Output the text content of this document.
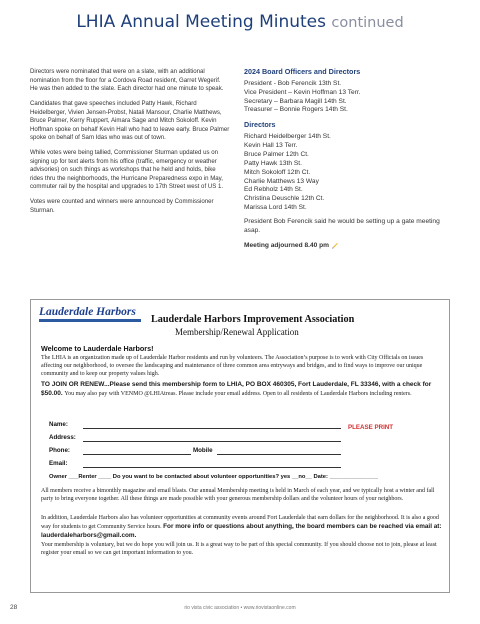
LHIA Annual Meeting Minutes continued

Directors were nominated that were on a slate, with an additional nomination from the floor for a Cordova Road resident, Garret Wegerif. He was then added to the slate. Each director had one minute to speak.

Candidates that gave speeches included Patty Hawk, Richard Heidelberger, Vivien Jensen-Probst, Natali Mansour, Charlie Matthews, Bruce Palmer, Kerry Ruppert, Aimara Sage and Mitch Sokoloff. Kevin Hoffman spoke on behalf Kevin Hall who had to leave early. Bruce Palmer spoke on behalf of Sam Idas who was out of town.

While votes were being tallied, Commissioner Sturman updated us on signing up for text alerts from his office (traffic, emergency or weather advisories) on such things as workshops that he held and holds, bike rides thru the neighborhoods, the Hurricane Preparedness expo in May, commuter rail by the hospital and upgrades to 17th Street west of US 1.

Votes were counted and winners were announced by Commissioner Sturman.

2024 Board Officers and Directors
President - Bob Ferencik 13th St.
Vice President – Kevin Hoffman 13 Terr.
Secretary – Barbara Magill 14th St.
Treasurer – Bonnie Rogers 14th St.
Directors
Richard Heidelberger 14th St.
Kevin Hall 13 Terr.
Bruce Palmer 12th Ct.
Patty Hawk 13th St.
Mitch Sokoloff 12th Ct.
Charlie Matthews 13 Way
Ed Rebholz 14th St.
Christina Deuschle 12th Ct.
Marissa Lord 14th St.

President Bob Ferencik said he would be setting up a gate meeting asap.

Meeting adjourned 8.40 pm

Lauderdale Harbors
Lauderdale Harbors Improvement Association
Membership/Renewal Application
Welcome to Lauderdale Harbors!

The LHIA is an organization made up of Lauderdale Harbor residents and run by volunteers. The Association’s purpose is to work with City Officials on issues affecting our neighborhood, to oversee the landscaping and maintenance of three common area entryways and bridges, and to find ways to improve our unique community and to keep our property values high.

TO JOIN OR RENEW...Please send this membership form to LHIA, PO BOX 460305, Fort Lauderdale, FL 33346, with a check for $50.00. You may also pay with VENMO @LHIAtreas. Please include your email address. Open to all residents of Lauderdale Harbors including renters.

Name:	PLEASE PRINT
Address:
Phone:	Mobile
Email:
Owner ___Renter ____ Do you want to be contacted about volunteer opportunities? yes __no__ Date: _______________

All members receive a bimonthly magazine and email blasts. Our annual Membership meeting is held in March of each year, and we typically host a winter and fall party to bring everyone together. All these things are made possible with your generous membership dollars and the volunteer hours of your neighbors.

In addition, Lauderdale Harbors also has volunteer opportunities at community events around Fort Lauderdale that earn dollars for the neighborhood. It is also a good way for students to get Community Service hours. For more info or questions about anything, the board members can be reached via email at: lauderdaleharbors@gmail.com.

Your membership is voluntary, but we do hope you will join us. It is a great way to be part of this special community. If you should choose not to join, please at least register your email so we can get important information to you.

28	rio vista civic association • www.riovistaonline.com
